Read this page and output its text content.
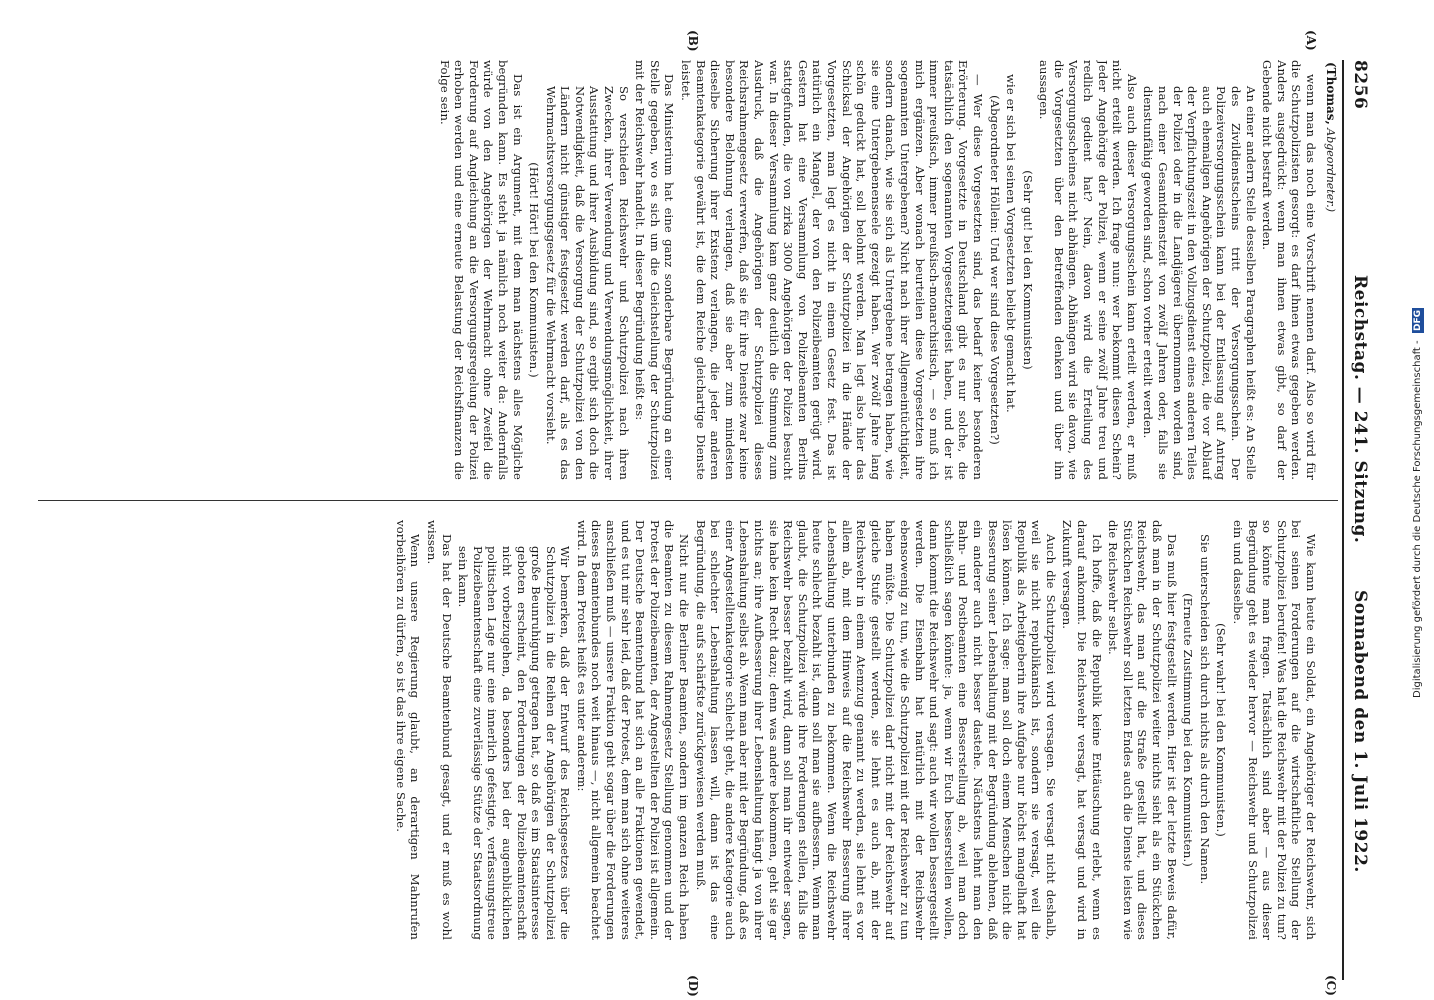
8256
Reichstag. — 241. Sitzung.
Sonnabend den 1. Juli 1922.
(Thomas, Abgeordneter.)
(A)
(B)
(C)
(D)

wenn man das noch eine Vorschrift nennen darf. Also so wird für die Schutzpolizisten gesorgt: es darf ihnen etwas gegeben werden. Anders ausgedrückt: wenn man ihnen etwas gibt, so darf der Gebende nicht bestraft werden.

An einer andern Stelle desselben Paragraphen heißt es: An Stelle des Zivildienstscheins tritt der Versorgungsschein. Der Polizeiversorgungsschein kann bei der Entlassung auf Antrag auch ehemaligen Angehörigen der Schutzpolizei, die vor Ablauf der Verpflichtungszeit in den Vollzugsdienst eines anderen Teiles der Polizei oder in die Landjägerei übernommen worden sind, nach einer Gesamtdienstzeit von zwölf Jahren oder, falls sie dienstunfähig geworden sind, schon vorher erteilt werden.

Also auch dieser Versorgungsschein kann erteilt werden, er muß nicht erteilt werden. Ich frage nun: wer bekommt diesen Schein? Jeder Angehörige der Polizei, wenn er seine zwölf Jahre treu und redlich gedient hat? Nein, davon wird die Erteilung des Versorgungsscheines nicht abhängen. Abhängen wird sie davon, wie die Vorgesetzten über den Betreffenden denken und über ihn aussagen.

(Sehr gut! bei den Kommunisten)

wie er sich bei seinen Vorgesetzten beliebt gemacht hat.

(Abgeordneter Höllein: Und wer sind diese Vorgesetzten?)

— Wer diese Vorgesetzten sind, das bedarf keiner besonderen Erörterung. Vorgesetzte in Deutschland gibt es nur solche, die tatsächlich den sogenannten Vorgesetztengeist haben, und der ist immer preußisch, immer preußisch-monarchistisch, — so muß ich mich ergänzen. Aber wonach beurteilen diese Vorgesetzten ihre sogenannten Untergebenen? Nicht nach ihrer Allgemeintüchtigkeit, sondern danach, wie sie sich als Untergebene betragen haben, wie sie eine Untergebenenseele gezeigt haben. Wer zwölf Jahre lang schön geduckt hat, soll belohnt werden. Man legt also hier das Schicksal der Angehörigen der Schutzpolizei in die Hände der Vorgesetzten, man legt es nicht in einem Gesetz fest. Das ist natürlich ein Mangel, der von den Polizeibeamten gerügt wird. Gestern hat eine Versammlung von Polizeibeamten Berlins stattgefunden, die von zirka 3000 Angehörigen der Polizei besucht war. In dieser Versammlung kam ganz deutlich die Stimmung zum Ausdruck, daß die Angehörigen der Schutzpolizei dieses Reichsrahmengesetz verwerfen, daß sie für ihre Dienste zwar keine besondere Belohnung verlangen, daß sie aber zum mindesten dieselbe Sicherung ihrer Existenz verlangen, die jeder anderen Beamtenkategorie gewährt ist, die dem Reiche gleichartige Dienste leistet.

Das Ministerium hat eine ganz sonderbare Begründung an einer Stelle gegeben, wo es sich um die Gleichstellung der Schutzpolizei mit der Reichswehr handelt. In dieser Begründung heißt es:

So verschieden Reichswehr und Schutzpolizei nach ihren Zwecken, ihrer Verwendung und Verwendungsmöglichkeit, ihrer Ausstattung und ihrer Ausbildung sind, so ergibt sich doch die Notwendigkeit, daß die Versorgung der Schutzpolizei von den Ländern nicht günstiger festgesetzt werden darf, als es das Wehrmachtsversorgungsgesetz für die Wehrmacht vorsieht.

(Hört! Hört! bei den Kommunisten.)

Das ist ein Argument, mit dem man nächstens alles Mögliche begründen kann. Es steht ja nämlich noch weiter da: Andernfalls würde von den Angehörigen der Wehrmacht ohne Zweifel die Forderung auf Angleichung an die Versorgungsregelung der Polizei erhoben werden und eine erneute Belastung der Reichsfinanzen die Folge sein.

Wie kann heute ein Soldat, ein Angehöriger der Reichswehr, sich bei seinen Forderungen auf die wirtschaftliche Stellung der Schutzpolizei berufen! Was hat die Reichswehr mit der Polizei zu tun? so könnte man fragen. Tatsächlich sind aber — aus dieser Begründung geht es wieder hervor — Reichswehr und Schutzpolizei ein und dasselbe.

(Sehr wahr! bei den Kommunisten.)

Sie unterscheiden sich durch nichts als durch den Namen.

(Erneute Zustimmung bei den Kommunisten.)

Das muß hier festgestellt werden. Hier ist der letzte Beweis dafür, daß man in der Schutzpolizei weiter nichts sieht als ein Stückchen Reichswehr, das man auf die Straße gestellt hat, und dieses Stückchen Reichswehr soll letzten Endes auch die Dienste leisten wie die Reichswehr selbst.

Ich hoffe, daß die Republik keine Enttäuschung erlebt, wenn es darauf ankommt. Die Reichswehr versagt, hat versagt und wird in Zukunft versagen.

Auch die Schutzpolizei wird versagen. Sie versagt nicht deshalb, weil sie nicht republikanisch ist, sondern sie versagt, weil die Republik als Arbeitgeberin ihre Aufgabe nur höchst mangelhaft hat lösen können. Ich sage: man soll doch einem Menschen nicht die Besserung seiner Lebenshaltung mit der Begründung ablehnen, daß ein anderer auch nicht besser dastehe. Nächstens lehnt man den Bahn- und Postbeamten eine Besserstellung ab, weil man doch schließlich sagen könnte: ja, wenn wir Euch besserstellen wollen, dann kommt die Reichswehr und sagt: auch wir wollen bessergestellt werden. Die Eisenbahn hat natürlich mit der Reichswehr ebensowenig zu tun, wie die Schutzpolizei mit der Reichswehr zu tun haben müßte. Die Schutzpolizei darf nicht mit der Reichswehr auf gleiche Stufe gestellt werden, sie lehnt es auch ab, mit der Reichswehr in einem Atemzug genannt zu werden, sie lehnt es vor allem ab, mit dem Hinweis auf die Reichswehr Besserung ihrer Lebenshaltung unterbunden zu bekommen. Wenn die Reichswehr heute schlecht bezahlt ist, dann soll man sie aufbessern. Wenn man glaubt, die Schutzpolizei würde ihre Forderungen stellen, falls die Reichswehr besser bezahlt wird, dann soll man ihr entweder sagen, sie habe kein Recht dazu; denn was andere bekommen, geht sie gar nichts an; ihre Aufbesserung ihrer Lebenshaltung hängt ja von ihrer Lebenshaltung selbst ab. Wenn man aber mit der Begründung, daß es einer Angestelltenkategorie schlecht geht, die andere Kategorie auch bei schlechter Lebenshaltung lassen will, dann ist das eine Begründung, die aufs schärfste zurückgewiesen werden muß.

Nicht nur die Berliner Beamten, sondern im ganzen Reich haben die Beamten zu diesem Rahmengesetz Stellung genommen und der Protest der Polizeibeamten, der Angestellten der Polizei ist allgemein. Der Deutsche Beamtenbund hat sich an alle Fraktionen gewendet, und es tut mir sehr leid, daß der Protest, dem man sich ohne weiteres anschließen muß — unsere Fraktion geht sogar über die Forderungen dieses Beamtenbundes noch weit hinaus —, nicht allgemein beachtet wird. In dem Protest heißt es unter anderem:

Wir bemerken, daß der Entwurf des Reichsgesetzes über die Schutzpolizei in die Reihen der Angehörigen der Schutzpolizei große Beunruhigung getragen hat, so daß es im Staatsinteresse geboten erscheint, den Forderungen der Polizeibeamtenschaft nicht vorbeizugehen, da besonders bei der augenblicklichen politischen Lage nur eine innerlich gefestigte, verfassungstreue Polizeibeamtenschaft eine zuverlässige Stütze der Staatsordnung sein kann.

Das hat der Deutsche Beamtenbund gesagt, und er muß es wohl wissen.

Wenn unsere Regierung glaubt, an derartigen Mahnrufen vorbeihören zu dürfen, so ist das ihre eigene Sache.	Digitalisierung gefördert durch die Deutsche Forschungsgemeinschaft - DFG
